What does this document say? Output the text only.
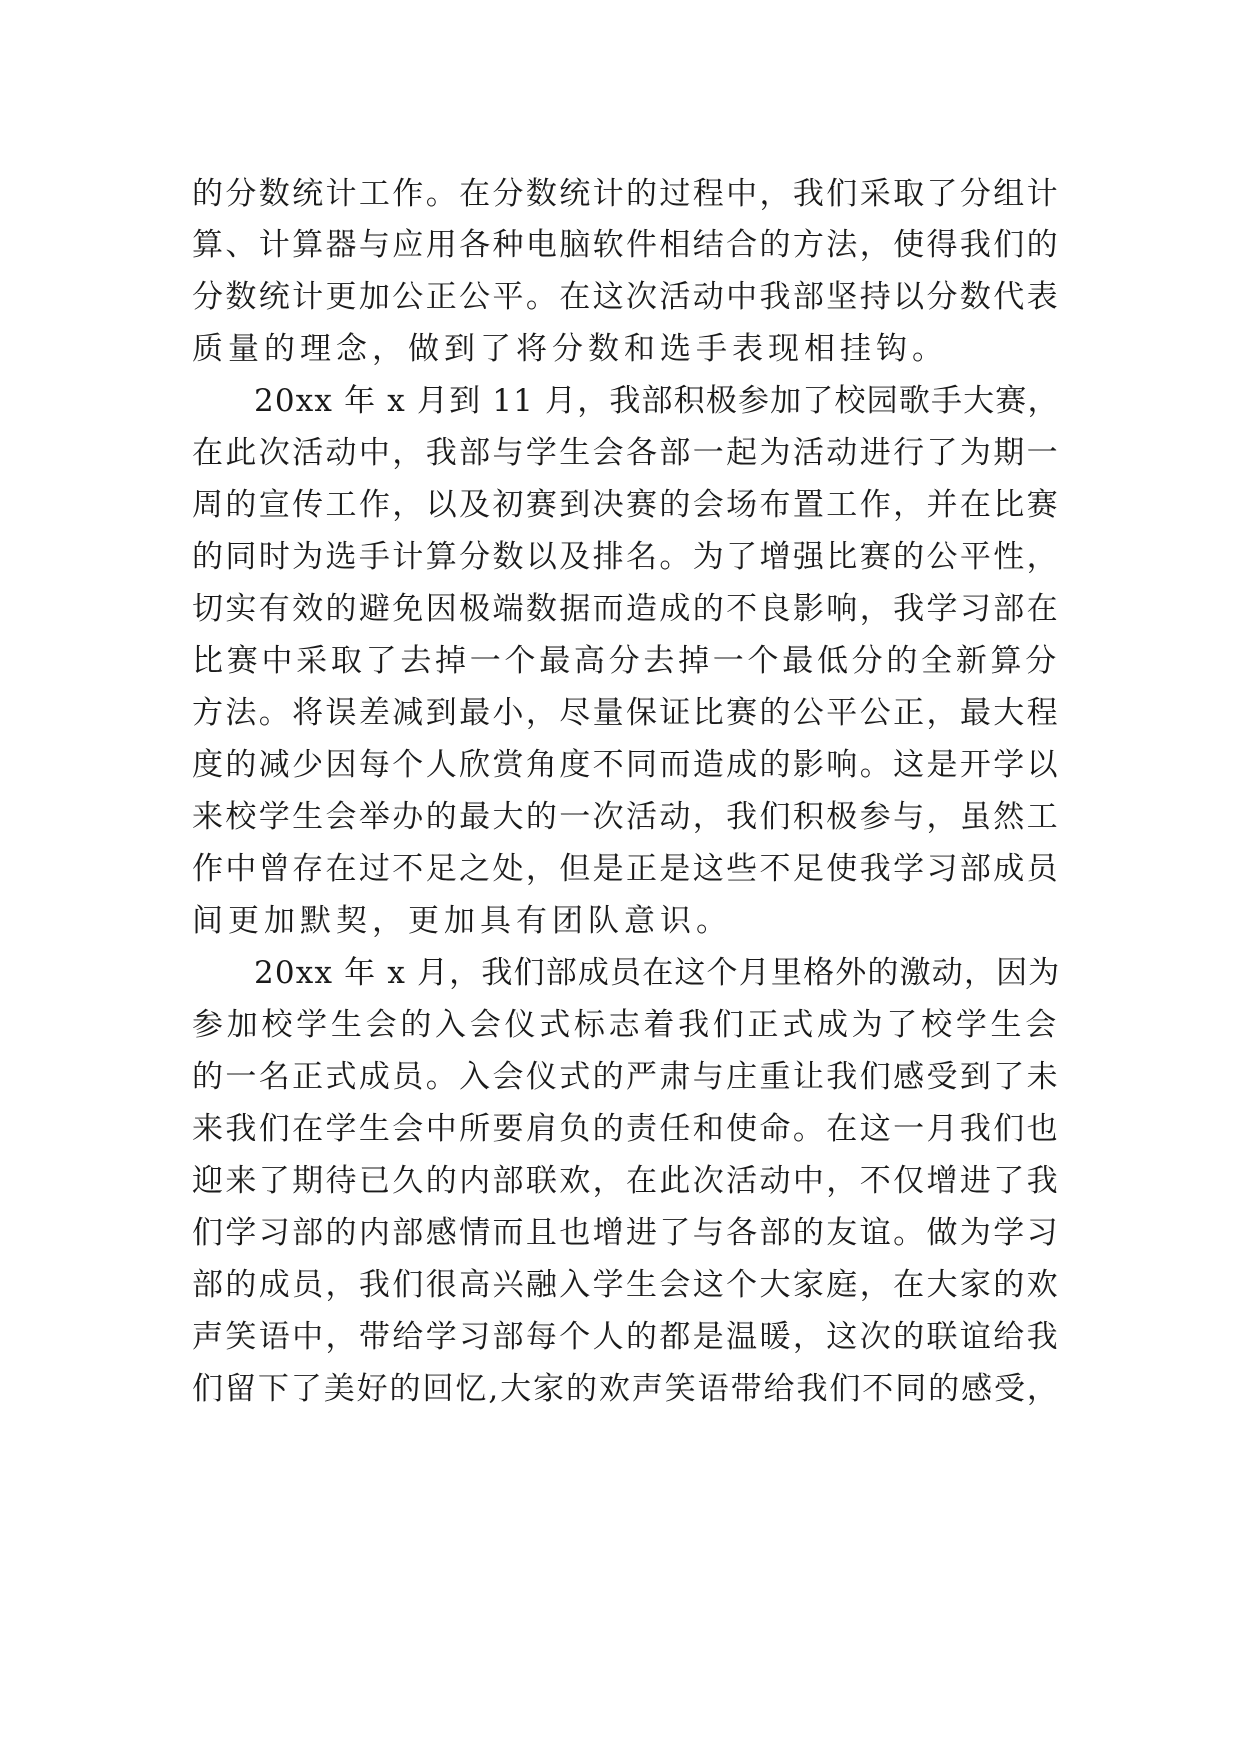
的分数统计工作。在分数统计的过程中，我们采取了分组计
算、计算器与应用各种电脑软件相结合的方法，使得我们的
分数统计更加公正公平。在这次活动中我部坚持以分数代表
质量的理念，做到了将分数和选手表现相挂钩。
20xx 年 x 月到 11 月，我部积极参加了校园歌手大赛，
在此次活动中，我部与学生会各部一起为活动进行了为期一
周的宣传工作，以及初赛到决赛的会场布置工作，并在比赛
的同时为选手计算分数以及排名。为了增强比赛的公平性，
切实有效的避免因极端数据而造成的不良影响，我学习部在
比赛中采取了去掉一个最高分去掉一个最低分的全新算分
方法。将误差减到最小，尽量保证比赛的公平公正，最大程
度的减少因每个人欣赏角度不同而造成的影响。这是开学以
来校学生会举办的最大的一次活动，我们积极参与，虽然工
作中曾存在过不足之处，但是正是这些不足使我学习部成员
间更加默契，更加具有团队意识。
20xx 年 x 月，我们部成员在这个月里格外的激动，因为
参加校学生会的入会仪式标志着我们正式成为了校学生会
的一名正式成员。入会仪式的严肃与庄重让我们感受到了未
来我们在学生会中所要肩负的责任和使命。在这一月我们也
迎来了期待已久的内部联欢，在此次活动中，不仅增进了我
们学习部的内部感情而且也增进了与各部的友谊。做为学习
部的成员，我们很高兴融入学生会这个大家庭，在大家的欢
声笑语中，带给学习部每个人的都是温暖，这次的联谊给我
们留下了美好的回忆,大家的欢声笑语带给我们不同的感受，
